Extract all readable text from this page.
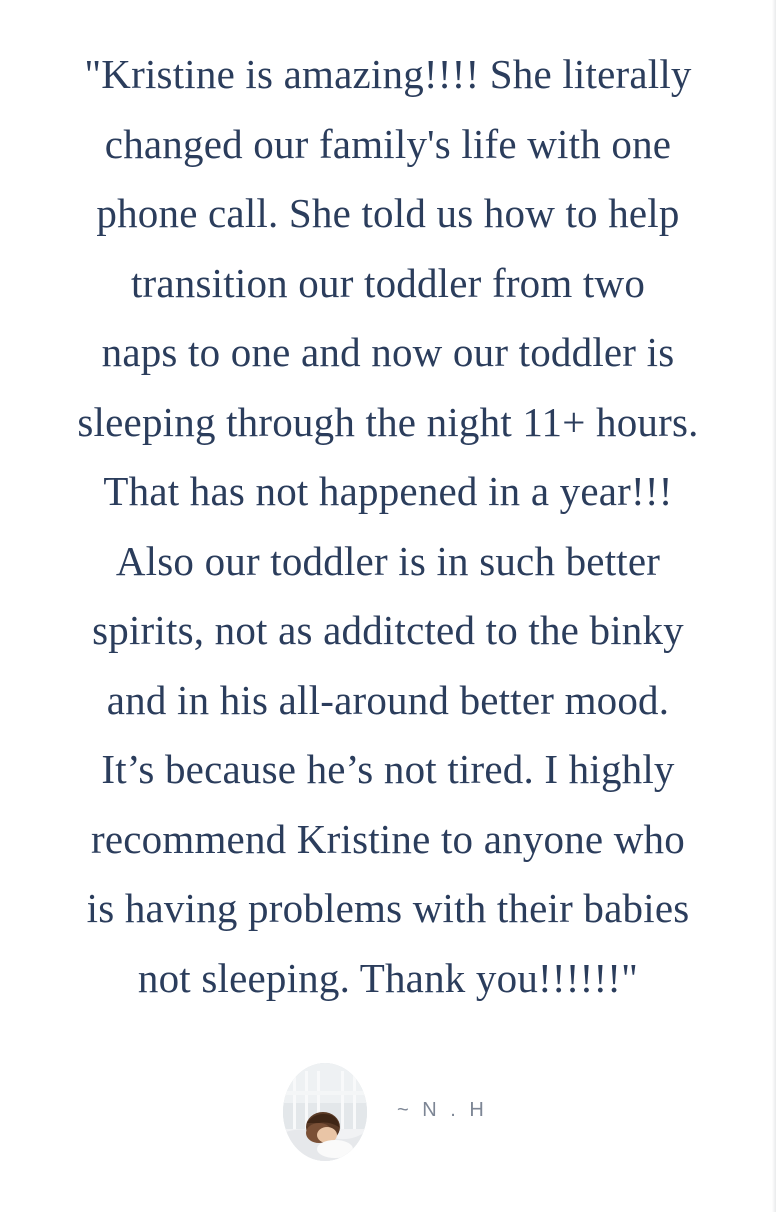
"Kristine is amazing!!!! She literally
changed our family's life with one
phone call. She told us how to help
transition our toddler from two
naps to one and now our toddler is
sleeping through the night 11+ hours.
That has not happened in a year!!!
Also our toddler is in such better
spirits, not as additcted to the binky
and in his all-around better mood.
It’s because he’s not tired. I highly
recommend Kristine to anyone who
is having problems with their babies
not sleeping. Thank you!!!!!!"
~ N . H
